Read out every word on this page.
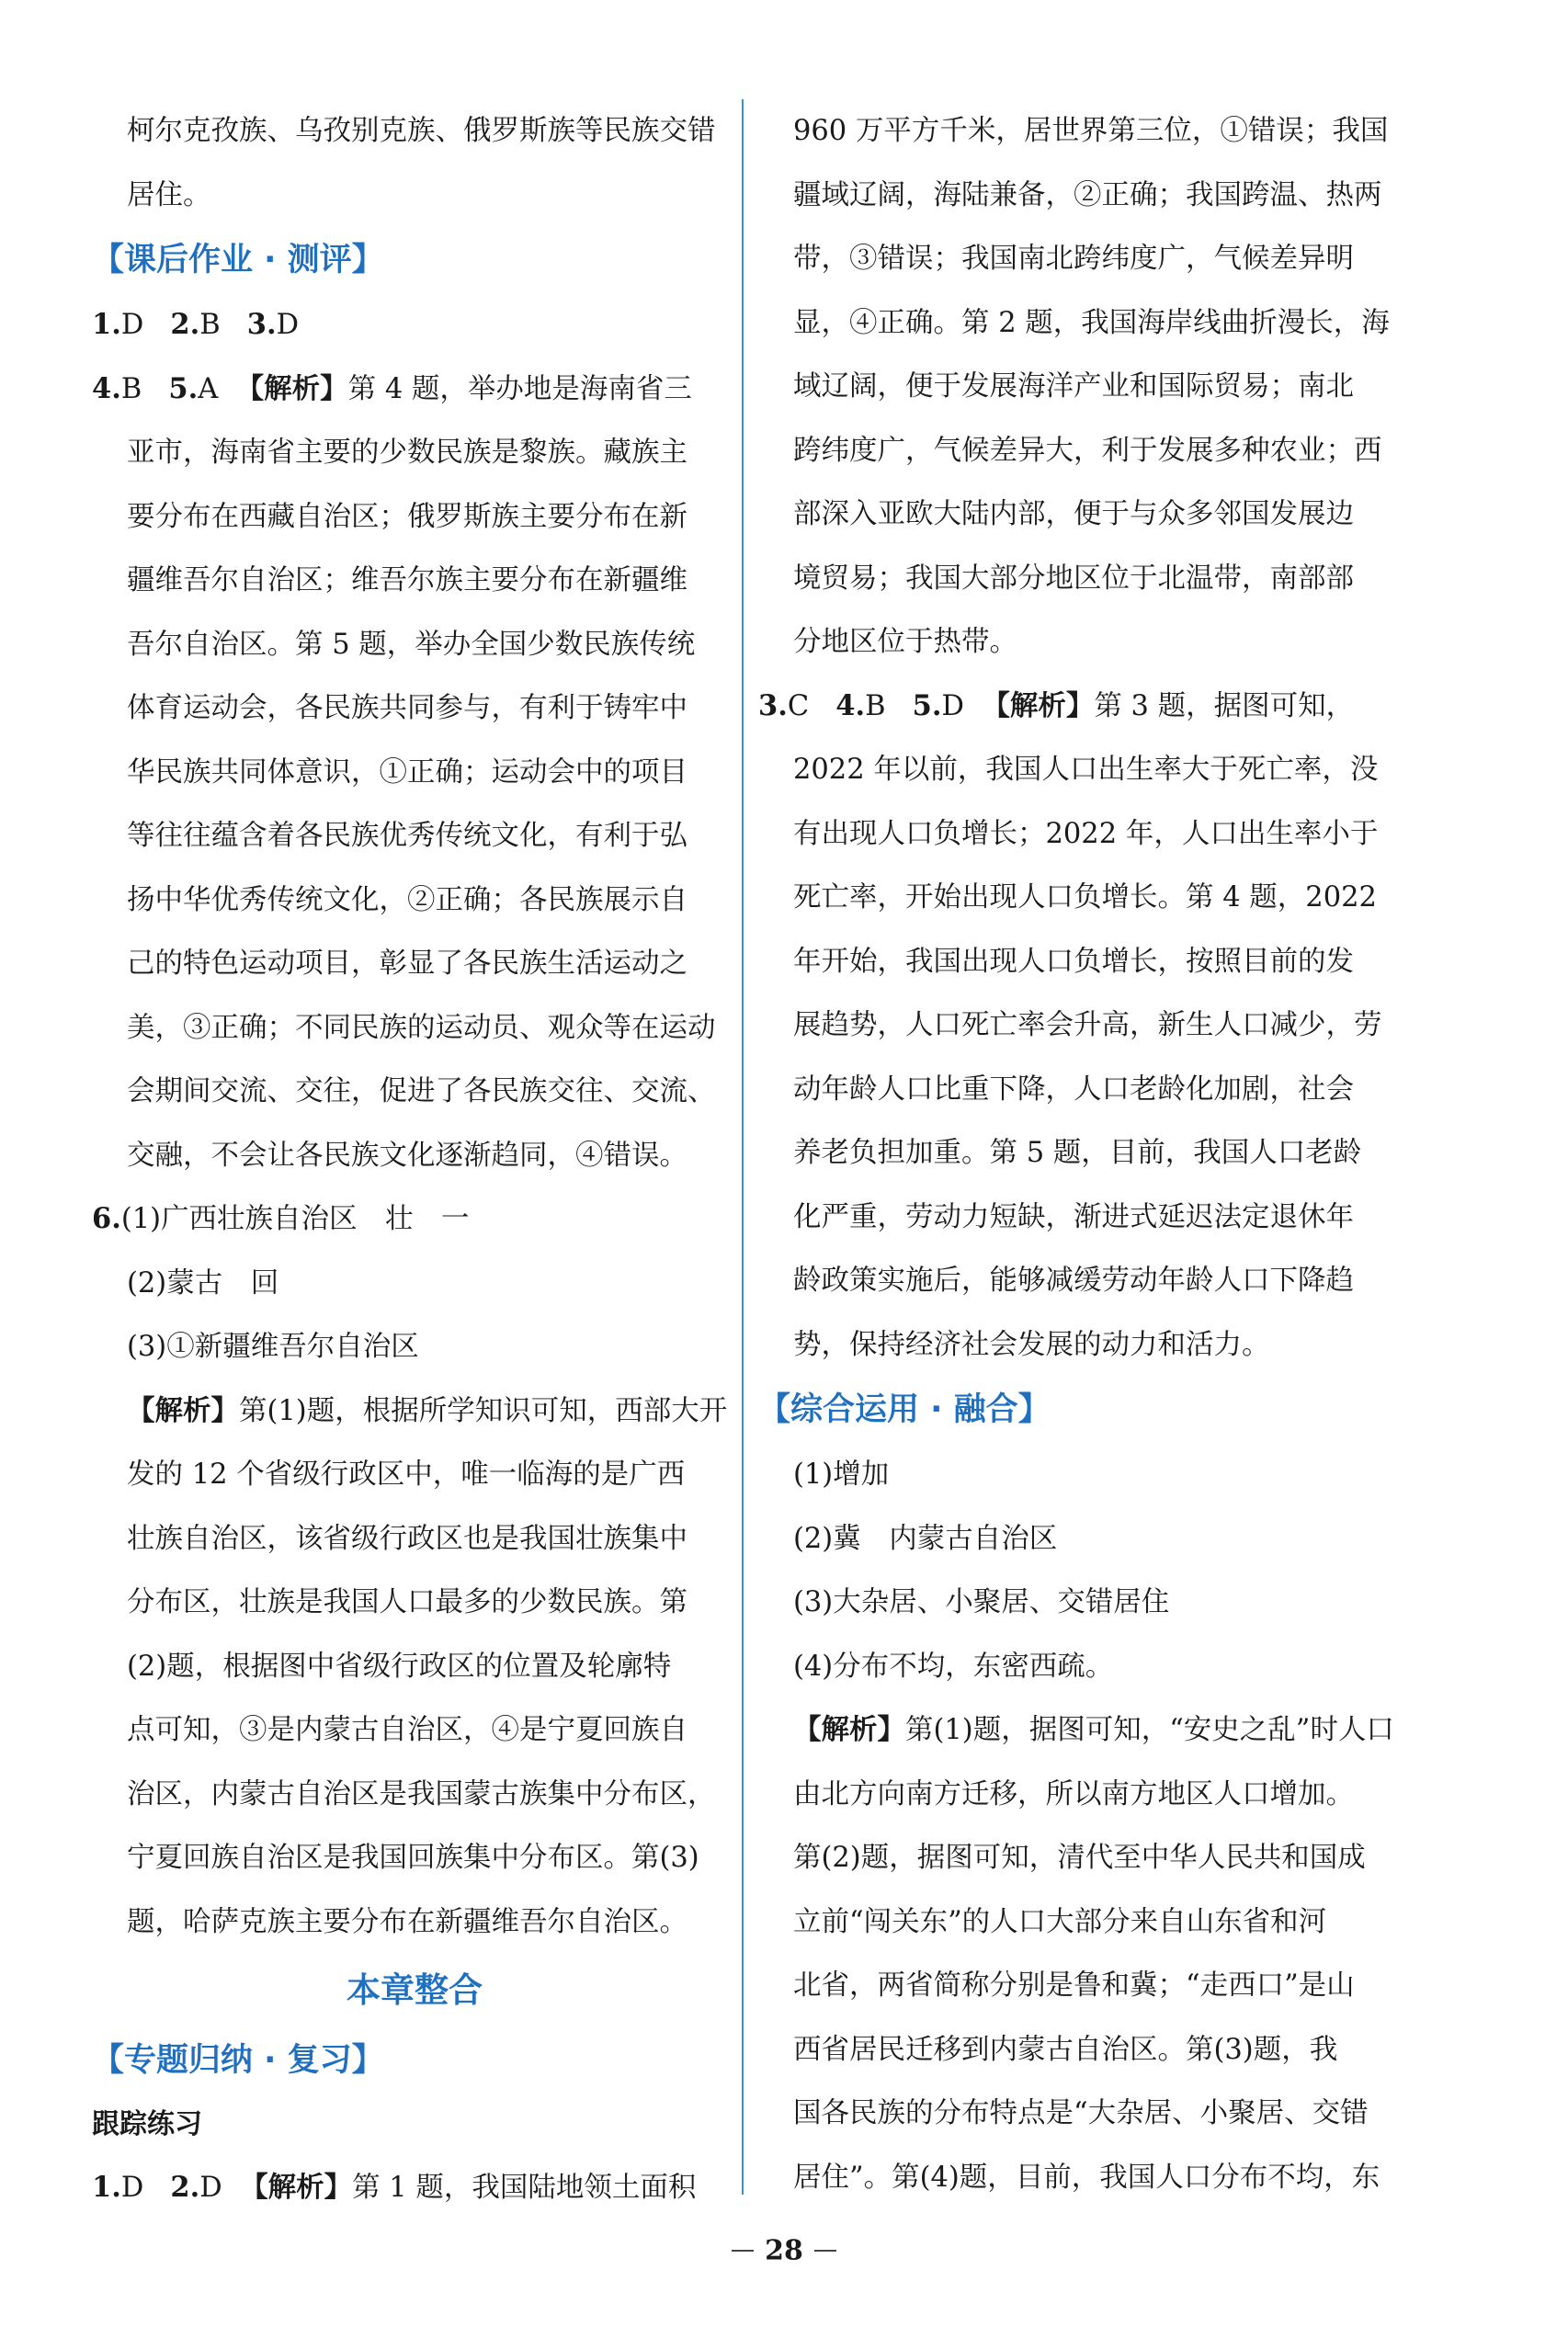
柯尔克孜族、乌孜别克族、俄罗斯族等民族交错

居住。

【课后作业 · 测评】

1.D 2.B 3.D

4.B 5.A 【解析】第 4 题，举办地是海南省三

亚市，海南省主要的少数民族是黎族。藏族主

要分布在西藏自治区；俄罗斯族主要分布在新

疆维吾尔自治区；维吾尔族主要分布在新疆维

吾尔自治区。第 5 题，举办全国少数民族传统

体育运动会，各民族共同参与，有利于铸牢中

华民族共同体意识，①正确；运动会中的项目

等往往蕴含着各民族优秀传统文化，有利于弘

扬中华优秀传统文化，②正确；各民族展示自

己的特色运动项目，彰显了各民族生活运动之

美，③正确；不同民族的运动员、观众等在运动

会期间交流、交往，促进了各民族交往、交流、

交融，不会让各民族文化逐渐趋同，④错误。

6.(1)广西壮族自治区　壮　一

(2)蒙古　回

(3)①新疆维吾尔自治区

【解析】第(1)题，根据所学知识可知，西部大开

发的 12 个省级行政区中，唯一临海的是广西

壮族自治区，该省级行政区也是我国壮族集中

分布区，壮族是我国人口最多的少数民族。第

(2)题，根据图中省级行政区的位置及轮廓特

点可知，③是内蒙古自治区，④是宁夏回族自

治区，内蒙古自治区是我国蒙古族集中分布区，

宁夏回族自治区是我国回族集中分布区。第(3)

题，哈萨克族主要分布在新疆维吾尔自治区。

本章整合

【专题归纳 · 复习】

跟踪练习

1.D 2.D 【解析】第 1 题，我国陆地领土面积

960 万平方千米，居世界第三位，①错误；我国

疆域辽阔，海陆兼备，②正确；我国跨温、热两

带，③错误；我国南北跨纬度广，气候差异明

显，④正确。第 2 题，我国海岸线曲折漫长，海

域辽阔，便于发展海洋产业和国际贸易；南北

跨纬度广，气候差异大，利于发展多种农业；西

部深入亚欧大陆内部，便于与众多邻国发展边

境贸易；我国大部分地区位于北温带，南部部

分地区位于热带。

3.C 4.B 5.D 【解析】第 3 题，据图可知，

2022 年以前，我国人口出生率大于死亡率，没

有出现人口负增长；2022 年，人口出生率小于

死亡率，开始出现人口负增长。第 4 题，2022

年开始，我国出现人口负增长，按照目前的发

展趋势，人口死亡率会升高，新生人口减少，劳

动年龄人口比重下降，人口老龄化加剧，社会

养老负担加重。第 5 题，目前，我国人口老龄

化严重，劳动力短缺，渐进式延迟法定退休年

龄政策实施后，能够减缓劳动年龄人口下降趋

势，保持经济社会发展的动力和活力。

【综合运用 · 融合】

(1)增加

(2)冀　内蒙古自治区

(3)大杂居、小聚居、交错居住

(4)分布不均，东密西疏。

【解析】第(1)题，据图可知，“安史之乱”时人口

由北方向南方迁移，所以南方地区人口增加。

第(2)题，据图可知，清代至中华人民共和国成

立前“闯关东”的人口大部分来自山东省和河

北省，两省简称分别是鲁和冀；“走西口”是山

西省居民迁移到内蒙古自治区。第(3)题，我

国各民族的分布特点是“大杂居、小聚居、交错

居住”。第(4)题，目前，我国人口分布不均，东

28
